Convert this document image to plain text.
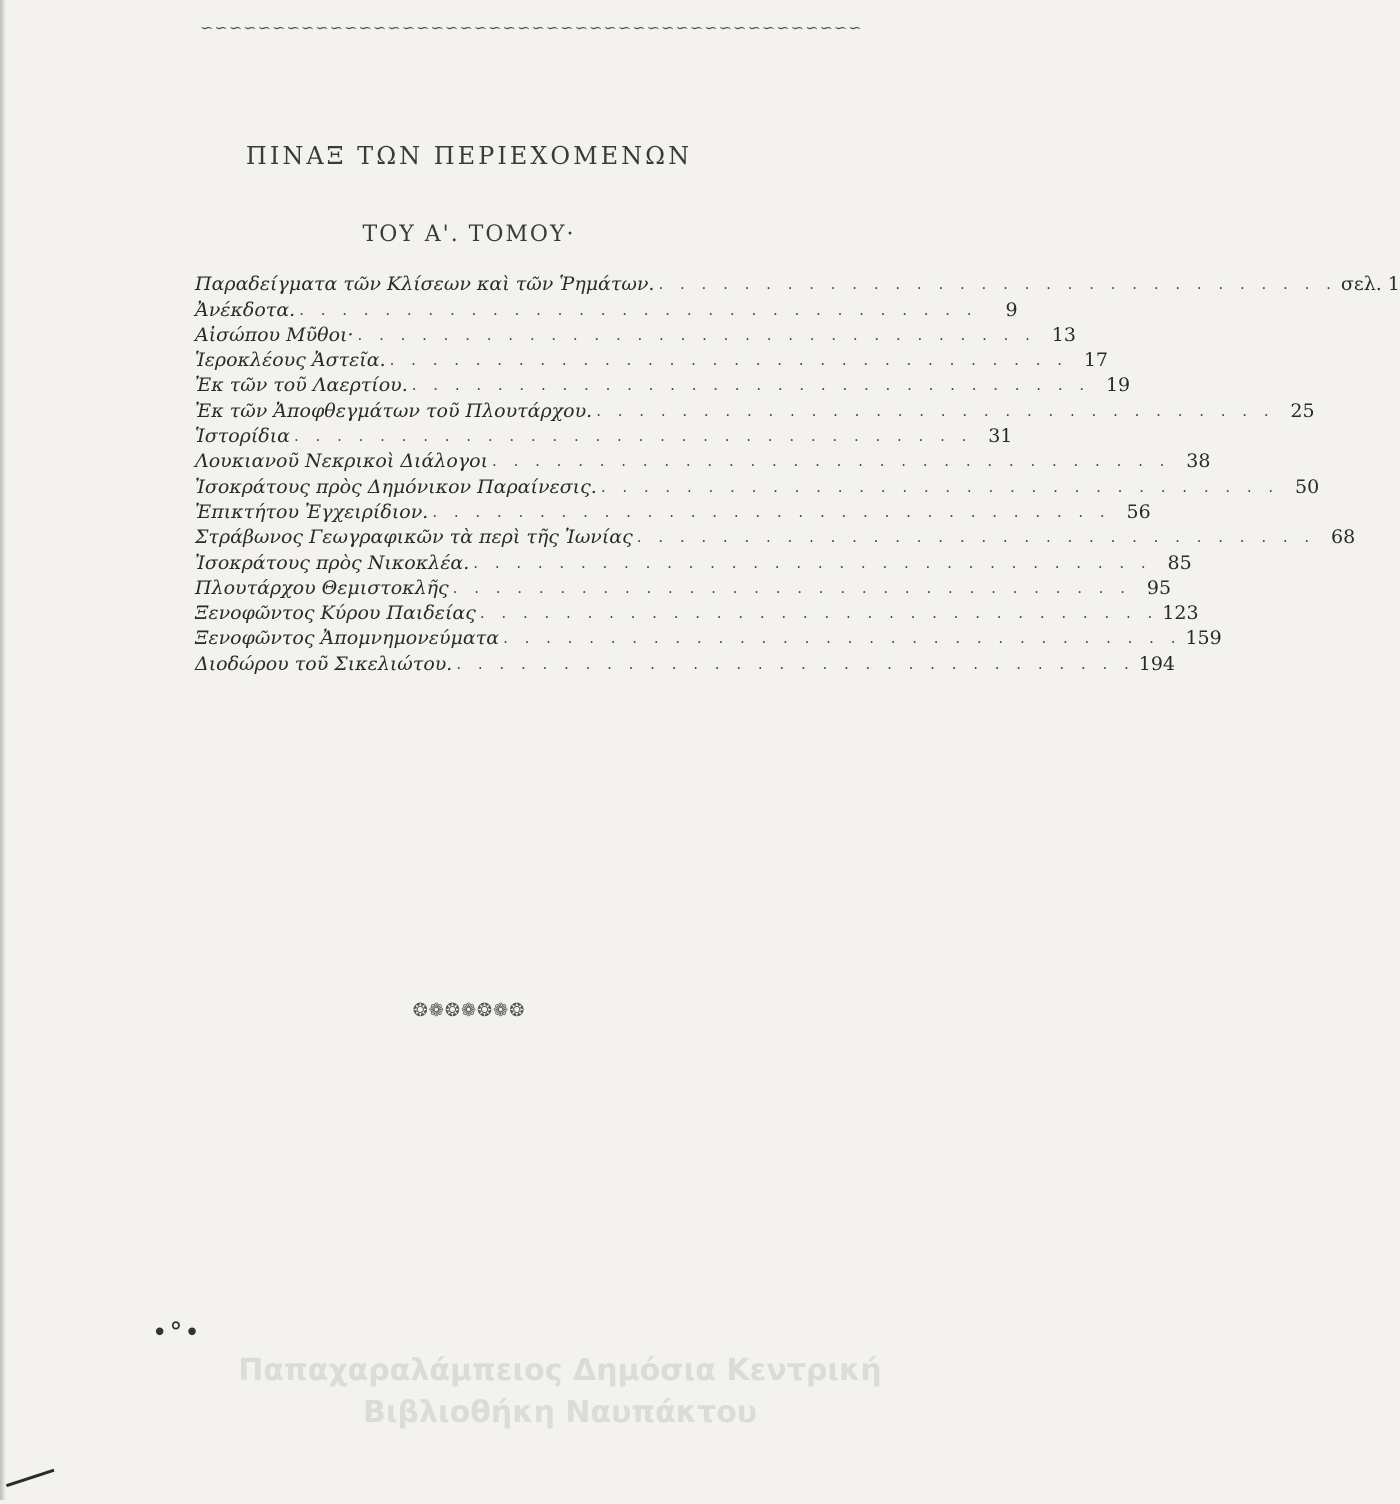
∽∽∽∽∽∽∽∽∽∽∽∽∽∽∽∽∽∽∽∽∽∽∽∽∽∽∽∽∽∽∽∽∽∽∽∽∽∽∽∽∽∽∽∽∽∽
ΠΙΝΑΞ ΤΩΝ ΠΕΡΙΕΧΟΜΕΝΩΝ
ΤΟΥ Α'. ΤΟΜΟΥ·
Παραδείγματα τῶν Κλίσεων καὶ τῶν Ῥημάτων. . . . . . . . . . . . . . . . . . . . . . . . . . . . . . . . . σελ. 1
Ἀνέκδοτα. . . . . . . . . . . . . . . . . . . . . . . . . . . . . . . . .	9
Αἰσώπου Μῦθοι· . . . . . . . . . . . . . . . . . . . . . . . . . . . . . . . . 13
Ἱεροκλέους Ἀστεῖα. . . . . . . . . . . . . . . . . . . . . . . . . . . . . . . . . 17
Ἐκ τῶν τοῦ Λαερτίου. . . . . . . . . . . . . . . . . . . . . . . . . . . . . . . . . 19
Ἐκ τῶν Ἀποφθεγμάτων τοῦ Πλουτάρχου. . . . . . . . . . . . . . . . . . . . . . . . . . . . . . . . . 25
Ἱστορίδια . . . . . . . . . . . . . . . . . . . . . . . . . . . . . . . . 31
Λουκιανοῦ Νεκρικοὶ Διάλογοι . . . . . . . . . . . . . . . . . . . . . . . . . . . . . . . . 38
Ἰσοκράτους πρὸς Δημόνικον Παραίνεσις. . . . . . . . . . . . . . . . . . . . . . . . . . . . . . . . . 50
Ἐπικτήτου Ἐγχειρίδιον. . . . . . . . . . . . . . . . . . . . . . . . . . . . . . . . . 56
Στράβωνος Γεωγραφικῶν τὰ περὶ τῆς Ἰωνίας . . . . . . . . . . . . . . . . . . . . . . . . . . . . . . . . 68
Ἰσοκράτους πρὸς Νικοκλέα. . . . . . . . . . . . . . . . . . . . . . . . . . . . . . . . . 85
Πλουτάρχου Θεμιστοκλῆς . . . . . . . . . . . . . . . . . . . . . . . . . . . . . . . . 95
Ξενοφῶντος Κύρου Παιδείας . . . . . . . . . . . . . . . . . . . . . . . . . . . . . . . . 123
Ξενοφῶντος Ἀπομνημονεύματα . . . . . . . . . . . . . . . . . . . . . . . . . . . . . . . . 159
Διοδώρου τοῦ Σικελιώτου. . . . . . . . . . . . . . . . . . . . . . . . . . . . . . . . . 194
❂❁❂❁❂❁❂
•°•
Παπαχαραλάμπειος Δημόσια Κεντρική
Βιβλιοθήκη Ναυπάκτου
